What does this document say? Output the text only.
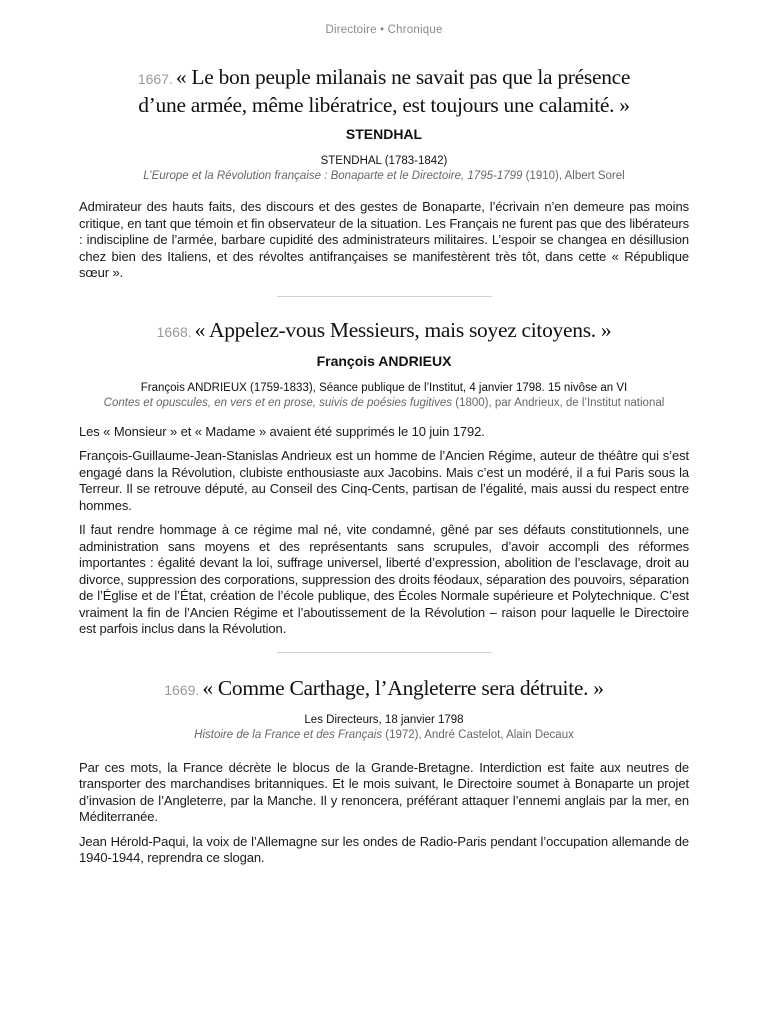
Directoire • Chronique

1667. « Le bon peuple milanais ne savait pas que la présence
d’une armée, même libératrice, est toujours une calamité. »

STENDHAL
STENDHAL (1783-1842)
L’Europe et la Révolution française : Bonaparte et le Directoire, 1795-1799 (1910), Albert Sorel

Admirateur des hauts faits, des discours et des gestes de Bonaparte, l’écrivain n’en demeure pas moins critique, en tant que témoin et fin observateur de la situation. Les Français ne furent pas que des libérateurs : indiscipline de l’armée, barbare cupidité des administrateurs militaires. L’espoir se changea en désillusion chez bien des Italiens, et des révoltes antifrançaises se manifestèrent très tôt, dans cette « République sœur ».

1668. « Appelez-vous Messieurs, mais soyez citoyens. »

François ANDRIEUX
François ANDRIEUX (1759-1833), Séance publique de l’Institut, 4 janvier 1798. 15 nivôse an VI
Contes et opuscules, en vers et en prose, suivis de poésies fugitives (1800), par Andrieux, de l’Institut national

Les « Monsieur » et « Madame » avaient été supprimés le 10 juin 1792.

François-Guillaume-Jean-Stanislas Andrieux est un homme de l’Ancien Régime, auteur de théâtre qui s’est engagé dans la Révolution, clubiste enthousiaste aux Jacobins. Mais c’est un modéré, il a fui Paris sous la Terreur. Il se retrouve député, au Conseil des Cinq-Cents, partisan de l’égalité, mais aussi du respect entre hommes.

Il faut rendre hommage à ce régime mal né, vite condamné, gêné par ses défauts constitutionnels, une administration sans moyens et des représentants sans scrupules, d’avoir accompli des réformes importantes : égalité devant la loi, suffrage universel, liberté d’expression, abolition de l’esclavage, droit au divorce, suppression des corporations, suppression des droits féodaux, séparation des pouvoirs, séparation de l’Église et de l’État, création de l’école publique, des Écoles Normale supérieure et Polytechnique. C’est vraiment la fin de l’Ancien Régime et l’aboutissement de la Révolution – raison pour laquelle le Directoire est parfois inclus dans la Révolution.

1669. « Comme Carthage, l’Angleterre sera détruite. »

Les Directeurs, 18 janvier 1798
Histoire de la France et des Français (1972), André Castelot, Alain Decaux

Par ces mots, la France décrète le blocus de la Grande-Bretagne. Interdiction est faite aux neutres de transporter des marchandises britanniques. Et le mois suivant, le Directoire soumet à Bonaparte un projet d’invasion de l’Angleterre, par la Manche. Il y renoncera, préférant attaquer l’ennemi anglais par la mer, en Méditerranée.

Jean Hérold-Paqui, la voix de l’Allemagne sur les ondes de Radio-Paris pendant l’occupation allemande de 1940-1944, reprendra ce slogan.
